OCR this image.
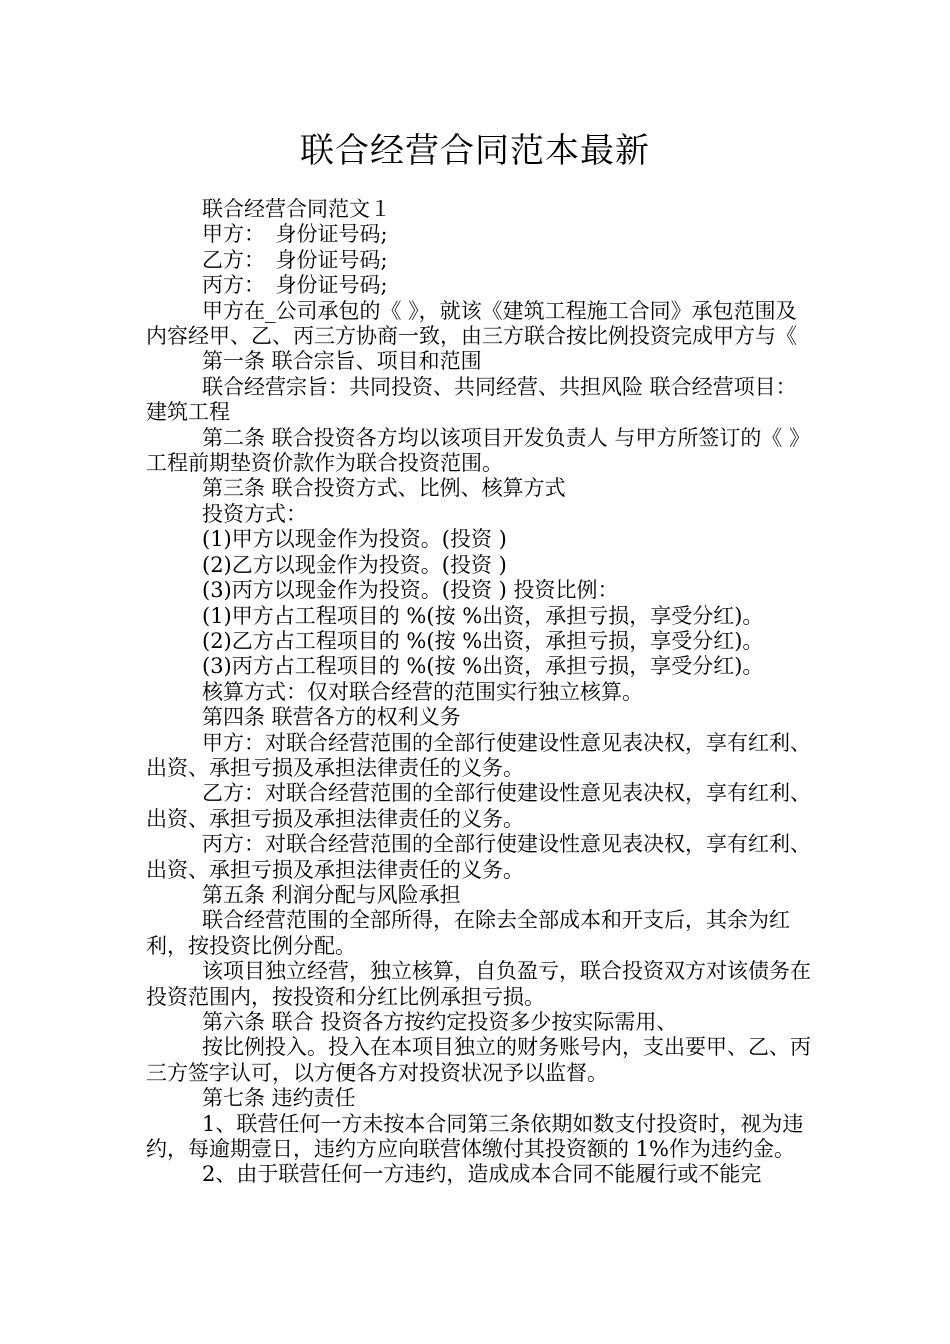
联合经营合同范本最新

联合经营合同范文１

甲方：　身份证号码;

乙方：　身份证号码;

丙方：　身份证号码;

甲方在_公司承包的《 》，就该《建筑工程施工合同》承包范围及内容经甲、乙、丙三方协商一致，由三方联合按比例投资完成甲方与《

第一条 联合宗旨、项目和范围

联合经营宗旨：共同投资、共同经营、共担风险 联合经营项目：建筑工程

第二条 联合投资各方均以该项目开发负责人 与甲方所签订的《 》工程前期垫资价款作为联合投资范围。

第三条 联合投资方式、比例、核算方式

投资方式：

(1)甲方以现金作为投资。(投资 )

(2)乙方以现金作为投资。(投资 )

(3)丙方以现金作为投资。(投资 ) 投资比例：

(1)甲方占工程项目的 %(按 %出资，承担亏损，享受分红)。

(2)乙方占工程项目的 %(按 %出资，承担亏损，享受分红)。

(3)丙方占工程项目的 %(按 %出资，承担亏损，享受分红)。

核算方式：仅对联合经营的范围实行独立核算。

第四条 联营各方的权利义务

甲方：对联合经营范围的全部行使建设性意见表决权，享有红利、出资、承担亏损及承担法律责任的义务。

乙方：对联合经营范围的全部行使建设性意见表决权，享有红利、出资、承担亏损及承担法律责任的义务。

丙方：对联合经营范围的全部行使建设性意见表决权，享有红利、出资、承担亏损及承担法律责任的义务。

第五条 利润分配与风险承担

联合经营范围的全部所得，在除去全部成本和开支后，其余为红利，按投资比例分配。

该项目独立经营，独立核算，自负盈亏，联合投资双方对该债务在投资范围内，按投资和分红比例承担亏损。

第六条 联合 投资各方按约定投资多少按实际需用、

按比例投入。投入在本项目独立的财务账号内，支出要甲、乙、丙三方签字认可，以方便各方对投资状况予以监督。

第七条 违约责任

1、联营任何一方未按本合同第三条依期如数支付投资时，视为违约，每逾期壹日，违约方应向联营体缴付其投资额的 1%作为违约金。

2、由于联营任何一方违约，造成成本合同不能履行或不能完
